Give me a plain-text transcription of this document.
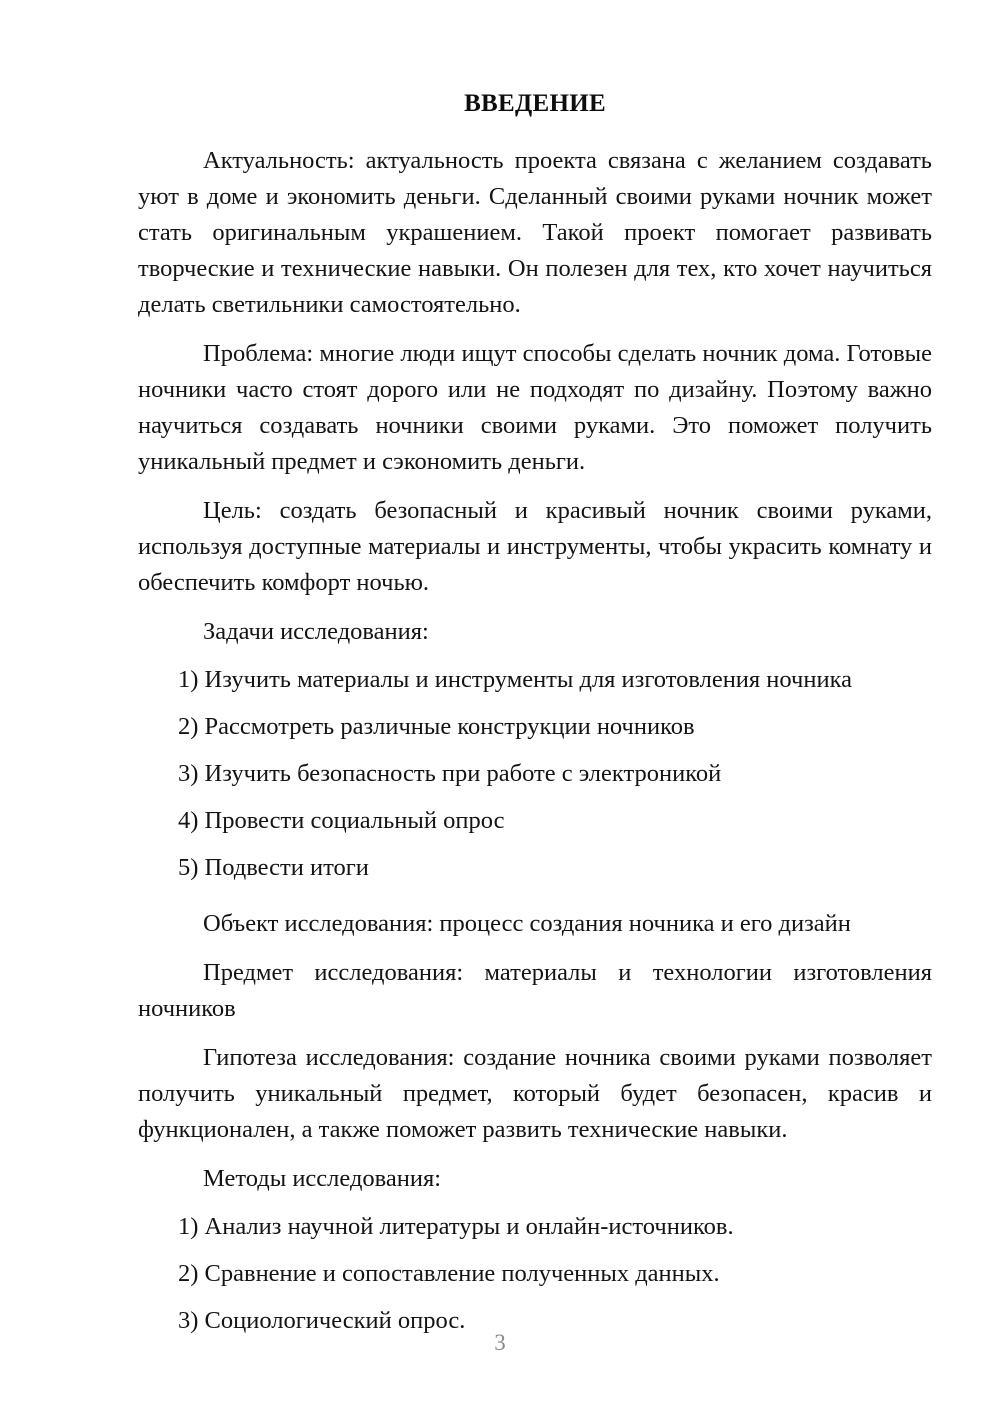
ВВЕДЕНИЕ

Актуальность: актуальность проекта связана с желанием создавать уют в доме и экономить деньги. Сделанный своими руками ночник может стать оригинальным украшением. Такой проект помогает развивать творческие и технические навыки. Он полезен для тех, кто хочет научиться делать светильники самостоятельно.

Проблема: многие люди ищут способы сделать ночник дома. Готовые ночники часто стоят дорого или не подходят по дизайну. Поэтому важно научиться создавать ночники своими руками. Это поможет получить уникальный предмет и сэкономить деньги.

Цель: создать безопасный и красивый ночник своими руками, используя доступные материалы и инструменты, чтобы украсить комнату и обеспечить комфорт ночью.

Задачи исследования:

1) Изучить материалы и инструменты для изготовления ночника
2) Рассмотреть различные конструкции ночников
3) Изучить безопасность при работе с электроникой
4) Провести социальный опрос
5) Подвести итоги

Объект исследования: процесс создания ночника и его дизайн

Предмет исследования: материалы и технологии изготовления ночников

Гипотеза исследования: создание ночника своими руками позволяет получить уникальный предмет, который будет безопасен, красив и функционален, а также поможет развить технические навыки.

Методы исследования:

1) Анализ научной литературы и онлайн-источников.
2) Сравнение и сопоставление полученных данных.
3) Социологический опрос.
3
